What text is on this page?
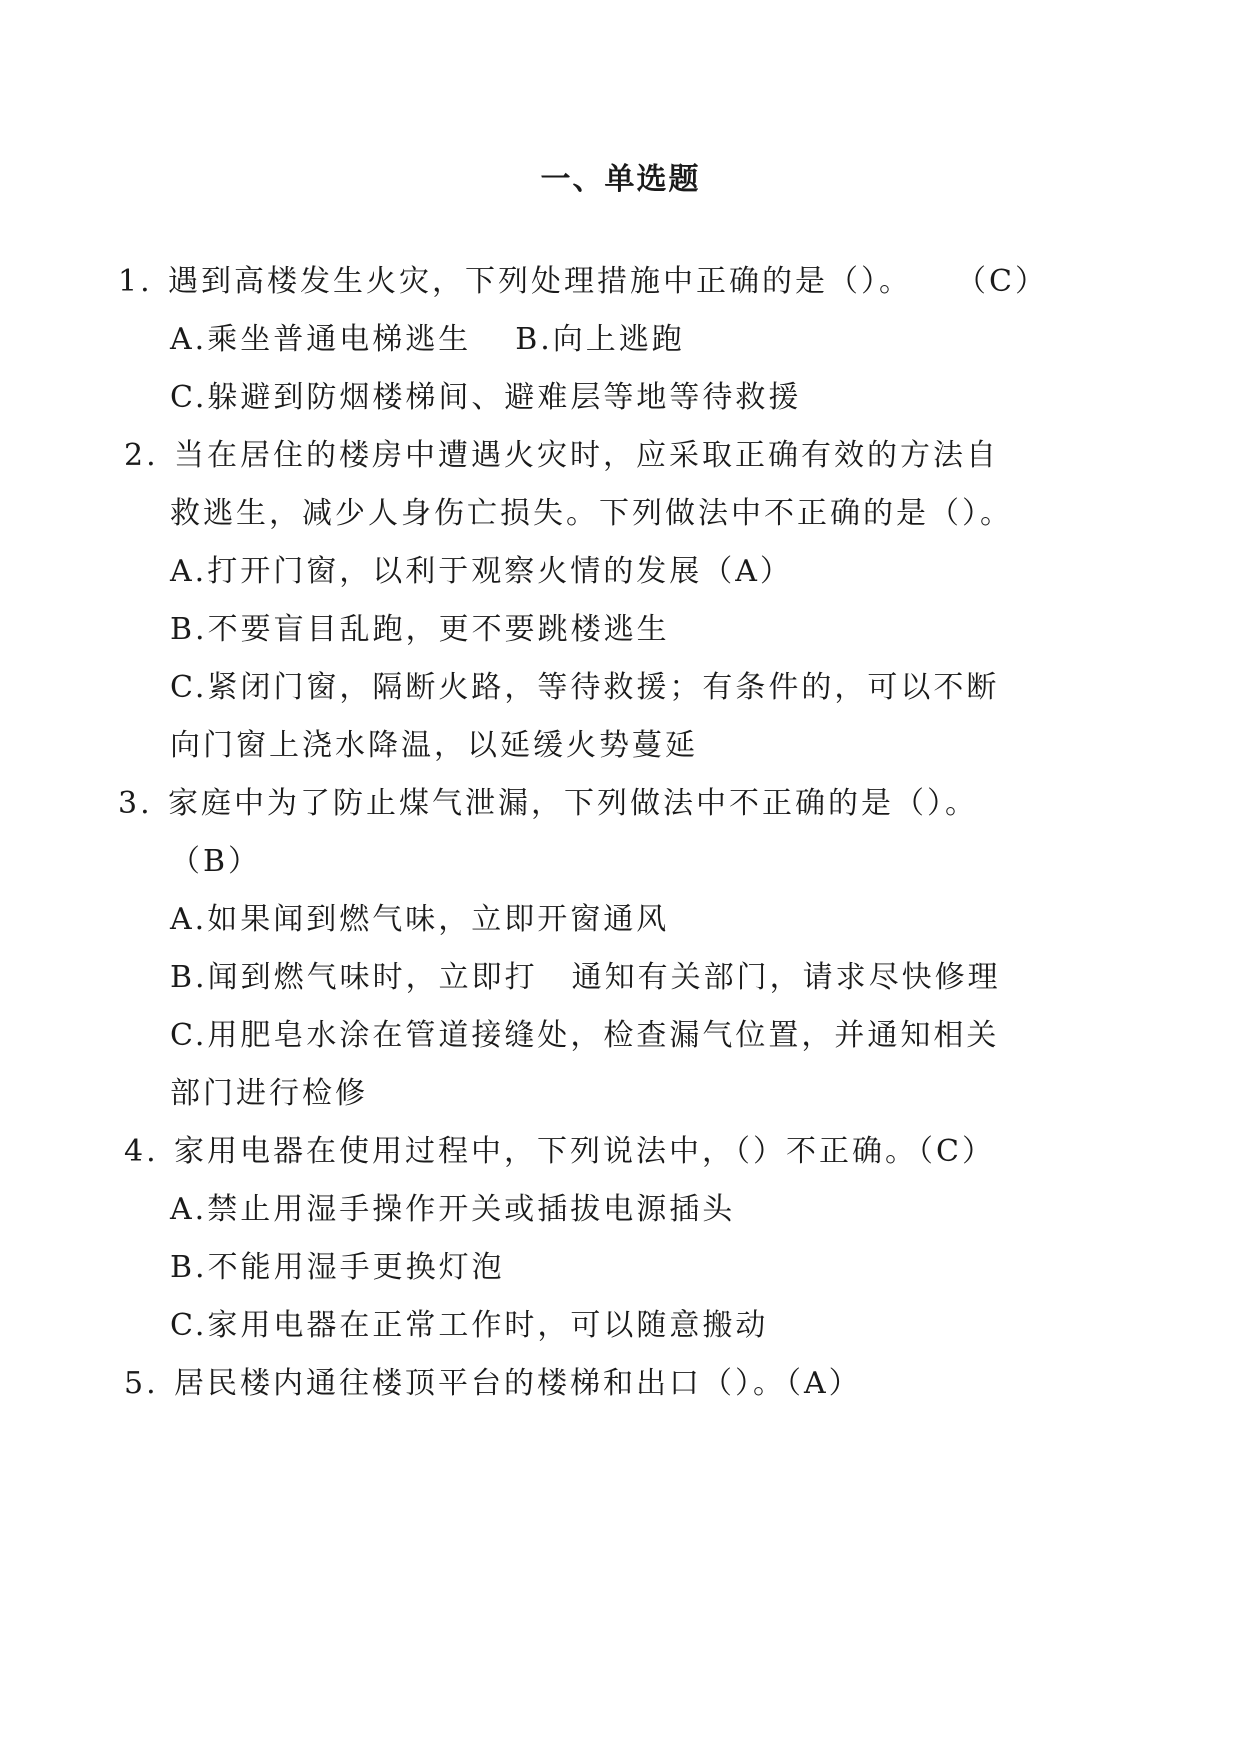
一、单选题
1. 遇到高楼发生火灾，下列处理措施中正确的是（）。 （C）
A.乘坐普通电梯逃生 B.向上逃跑
C.躲避到防烟楼梯间、避难层等地等待救援
2. 当在居住的楼房中遭遇火灾时，应采取正确有效的方法自
救逃生，减少人身伤亡损失。下列做法中不正确的是（）。
A.打开门窗，以利于观察火情的发展（A）
B.不要盲目乱跑，更不要跳楼逃生
C.紧闭门窗，隔断火路，等待救援；有条件的，可以不断
向门窗上浇水降温，以延缓火势蔓延
3. 家庭中为了防止煤气泄漏，下列做法中不正确的是（）。
（B）
A.如果闻到燃气味，立即开窗通风
B.闻到燃气味时，立即打 通知有关部门，请求尽快修理
C.用肥皂水涂在管道接缝处，检查漏气位置，并通知相关
部门进行检修
4. 家用电器在使用过程中，下列说法中，（）不正确。（C）
A.禁止用湿手操作开关或插拔电源插头
B.不能用湿手更换灯泡
C.家用电器在正常工作时，可以随意搬动
5. 居民楼内通往楼顶平台的楼梯和出口（）。（A）
